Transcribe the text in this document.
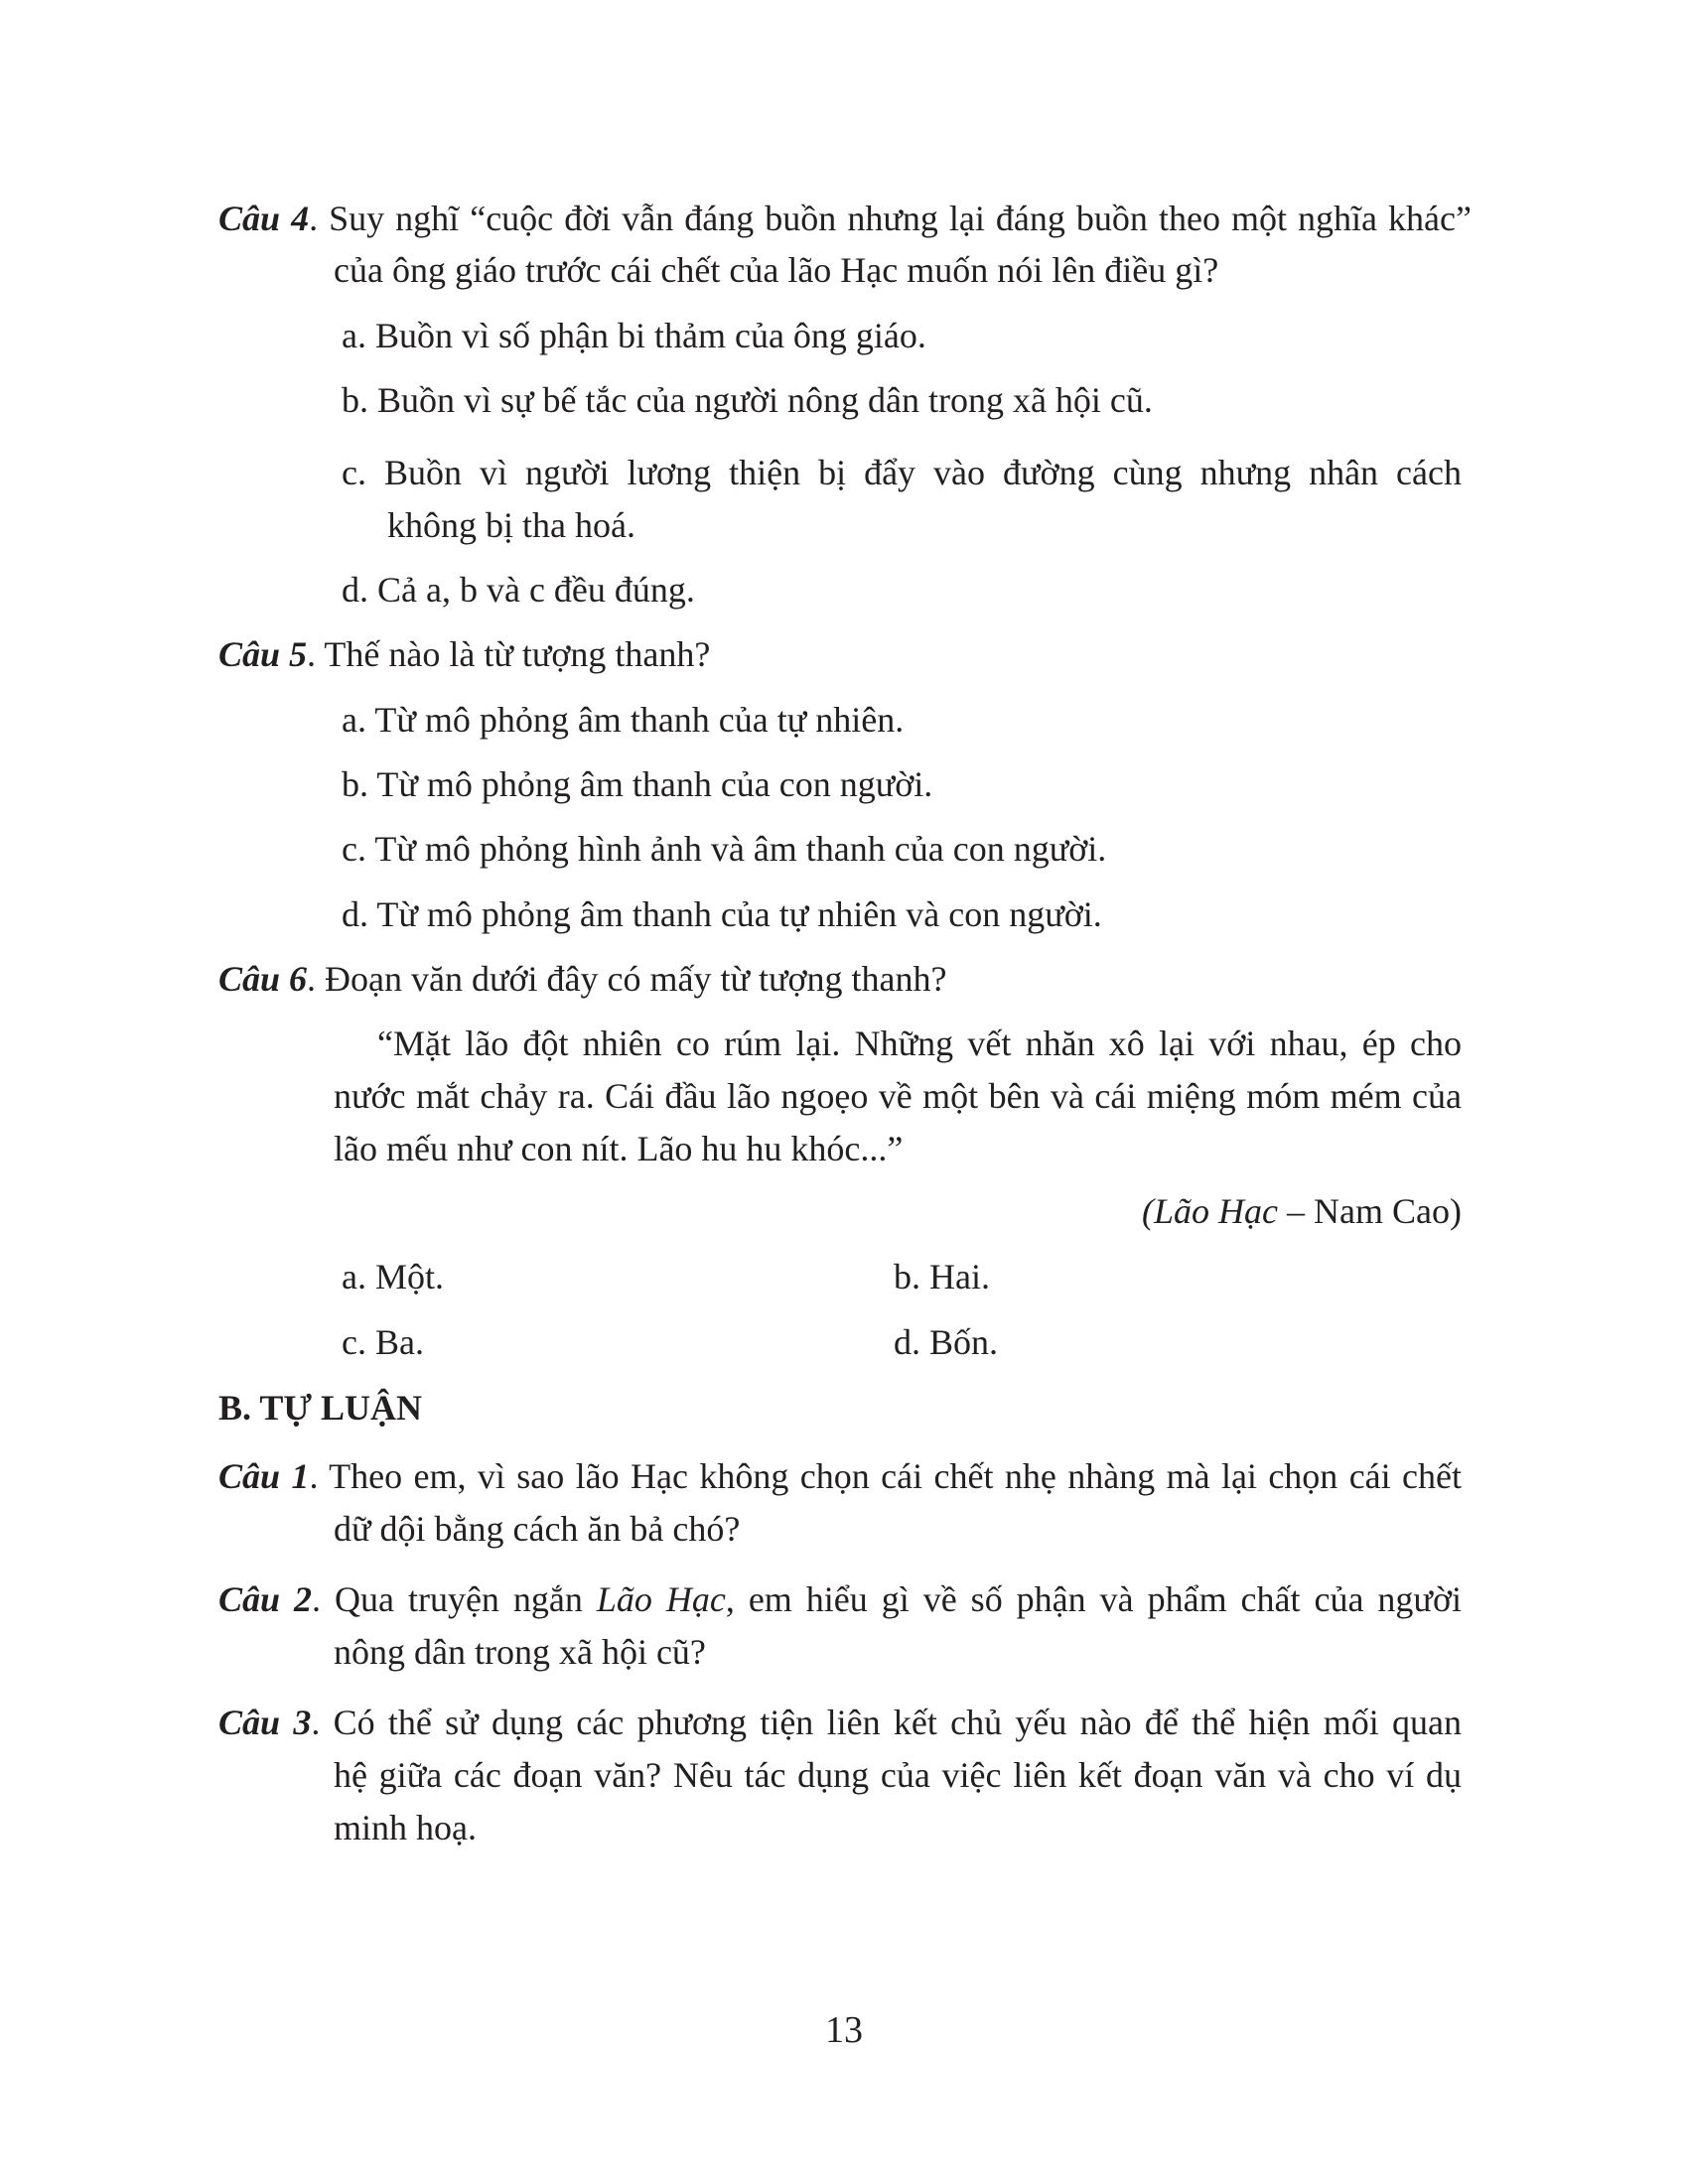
Câu 4. Suy nghĩ “cuộc đời vẫn đáng buồn nhưng lại đáng buồn theo một nghĩa khác”
của ông giáo trước cái chết của lão Hạc muốn nói lên điều gì?
a. Buồn vì số phận bi thảm của ông giáo.
b. Buồn vì sự bế tắc của người nông dân trong xã hội cũ.
c. Buồn vì người lương thiện bị đẩy vào đường cùng nhưng nhân cách
không bị tha hoá.
d. Cả a, b và c đều đúng.
Câu 5. Thế nào là từ tượng thanh?
a. Từ mô phỏng âm thanh của tự nhiên.
b. Từ mô phỏng âm thanh của con người.
c. Từ mô phỏng hình ảnh và âm thanh của con người.
d. Từ mô phỏng âm thanh của tự nhiên và con người.
Câu 6. Đoạn văn dưới đây có mấy từ tượng thanh?
“Mặt lão đột nhiên co rúm lại. Những vết nhăn xô lại với nhau, ép cho
nước mắt chảy ra. Cái đầu lão ngoẹo về một bên và cái miệng móm mém của
lão mếu như con nít. Lão hu hu khóc...”
(Lão Hạc – Nam Cao)
a. Một.	b. Hai.
c. Ba.	d. Bốn.
B. TỰ LUẬN
Câu 1. Theo em, vì sao lão Hạc không chọn cái chết nhẹ nhàng mà lại chọn cái chết
dữ dội bằng cách ăn bả chó?
Câu 2. Qua truyện ngắn Lão Hạc, em hiểu gì về số phận và phẩm chất của người
nông dân trong xã hội cũ?
Câu 3. Có thể sử dụng các phương tiện liên kết chủ yếu nào để thể hiện mối quan
hệ giữa các đoạn văn? Nêu tác dụng của việc liên kết đoạn văn và cho ví dụ
minh hoạ.
13
